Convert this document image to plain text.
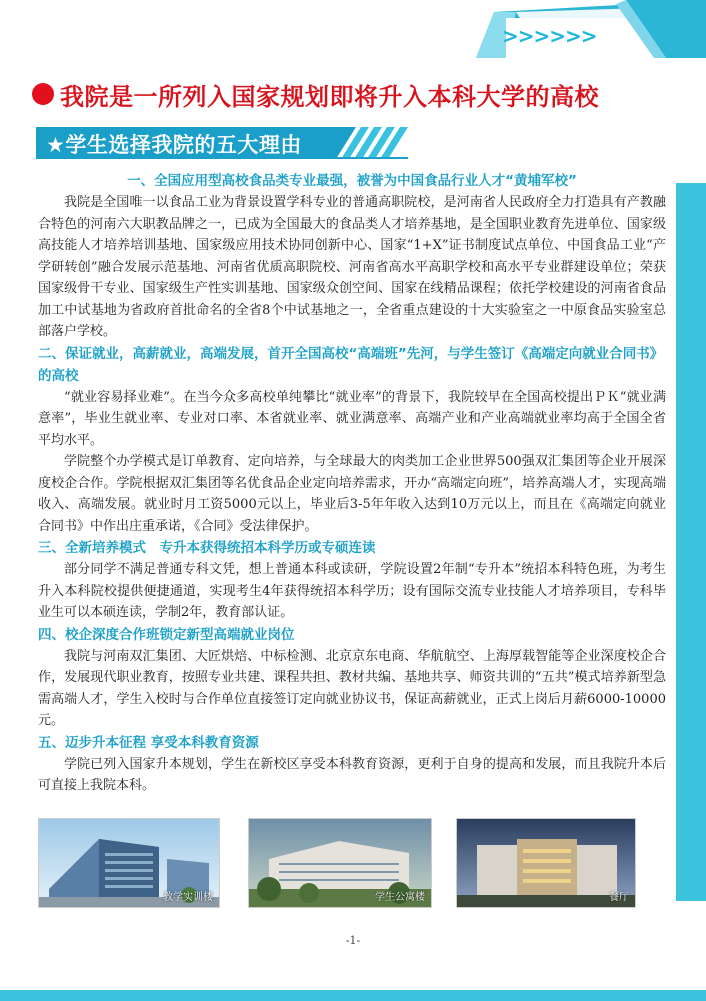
>>>>>>
我院是一所列入国家规划即将升入本科大学的高校
★学生选择我院的五大理由

一、全国应用型高校食品类专业最强，被誉为中国食品行业人才“黄埔军校”

我院是全国唯一以食品工业为背景设置学科专业的普通高职院校，是河南省人民政府全力打造具有产教融合特色的河南六大职教品牌之一，已成为全国最大的食品类人才培养基地，是全国职业教育先进单位、国家级高技能人才培养培训基地、国家级应用技术协同创新中心、国家“1+X”证书制度试点单位、中国食品工业“产学研转创”融合发展示范基地、河南省优质高职院校、河南省高水平高职学校和高水平专业群建设单位；荣获国家级骨干专业、国家级生产性实训基地、国家级众创空间、国家在线精品课程；依托学校建设的河南省食品加工中试基地为省政府首批命名的全省8个中试基地之一，全省重点建设的十大实验室之一中原食品实验室总部落户学校。

二、保证就业，高薪就业，高端发展，首开全国高校“高端班”先河，与学生签订《高端定向就业合同书》的高校

“就业容易择业难”。在当今众多高校单纯攀比“就业率”的背景下，我院较早在全国高校提出ＰＫ“就业满意率”，毕业生就业率、专业对口率、本省就业率、就业满意率、高端产业和产业高端就业率均高于全国全省平均水平。

学院整个办学模式是订单教育、定向培养，与全球最大的肉类加工企业世界500强双汇集团等企业开展深度校企合作。学院根据双汇集团等名优食品企业定向培养需求，开办“高端定向班”，培养高端人才，实现高端收入、高端发展。就业时月工资5000元以上，毕业后3-5年年收入达到10万元以上，而且在《高端定向就业合同书》中作出庄重承诺，《合同》受法律保护。

三、全新培养模式　专升本获得统招本科学历或专硕连读

部分同学不满足普通专科文凭，想上普通本科或读研，学院设置2年制“专升本”统招本科特色班，为考生升入本科院校提供便捷通道，实现考生4年获得统招本科学历；设有国际交流专业技能人才培养项目，专科毕业生可以本硕连读，学制2年，教育部认证。

四、校企深度合作班锁定新型高端就业岗位

我院与河南双汇集团、大匠烘焙、中标检测、北京京东电商、华航航空、上海厚载智能等企业深度校企合作，发展现代职业教育，按照专业共建、课程共担、教材共编、基地共享、师资共训的“五共”模式培养新型急需高端人才，学生入校时与合作单位直接签订定向就业协议书，保证高薪就业，正式上岗后月薪6000-10000元。

五、迈步升本征程 享受本科教育资源

学院已列入国家升本规划，学生在新校区享受本科教育资源，更利于自身的提高和发展，而且我院升本后可直接上我院本科。

教学实训楼	学生公寓楼	餐厅
-1-
